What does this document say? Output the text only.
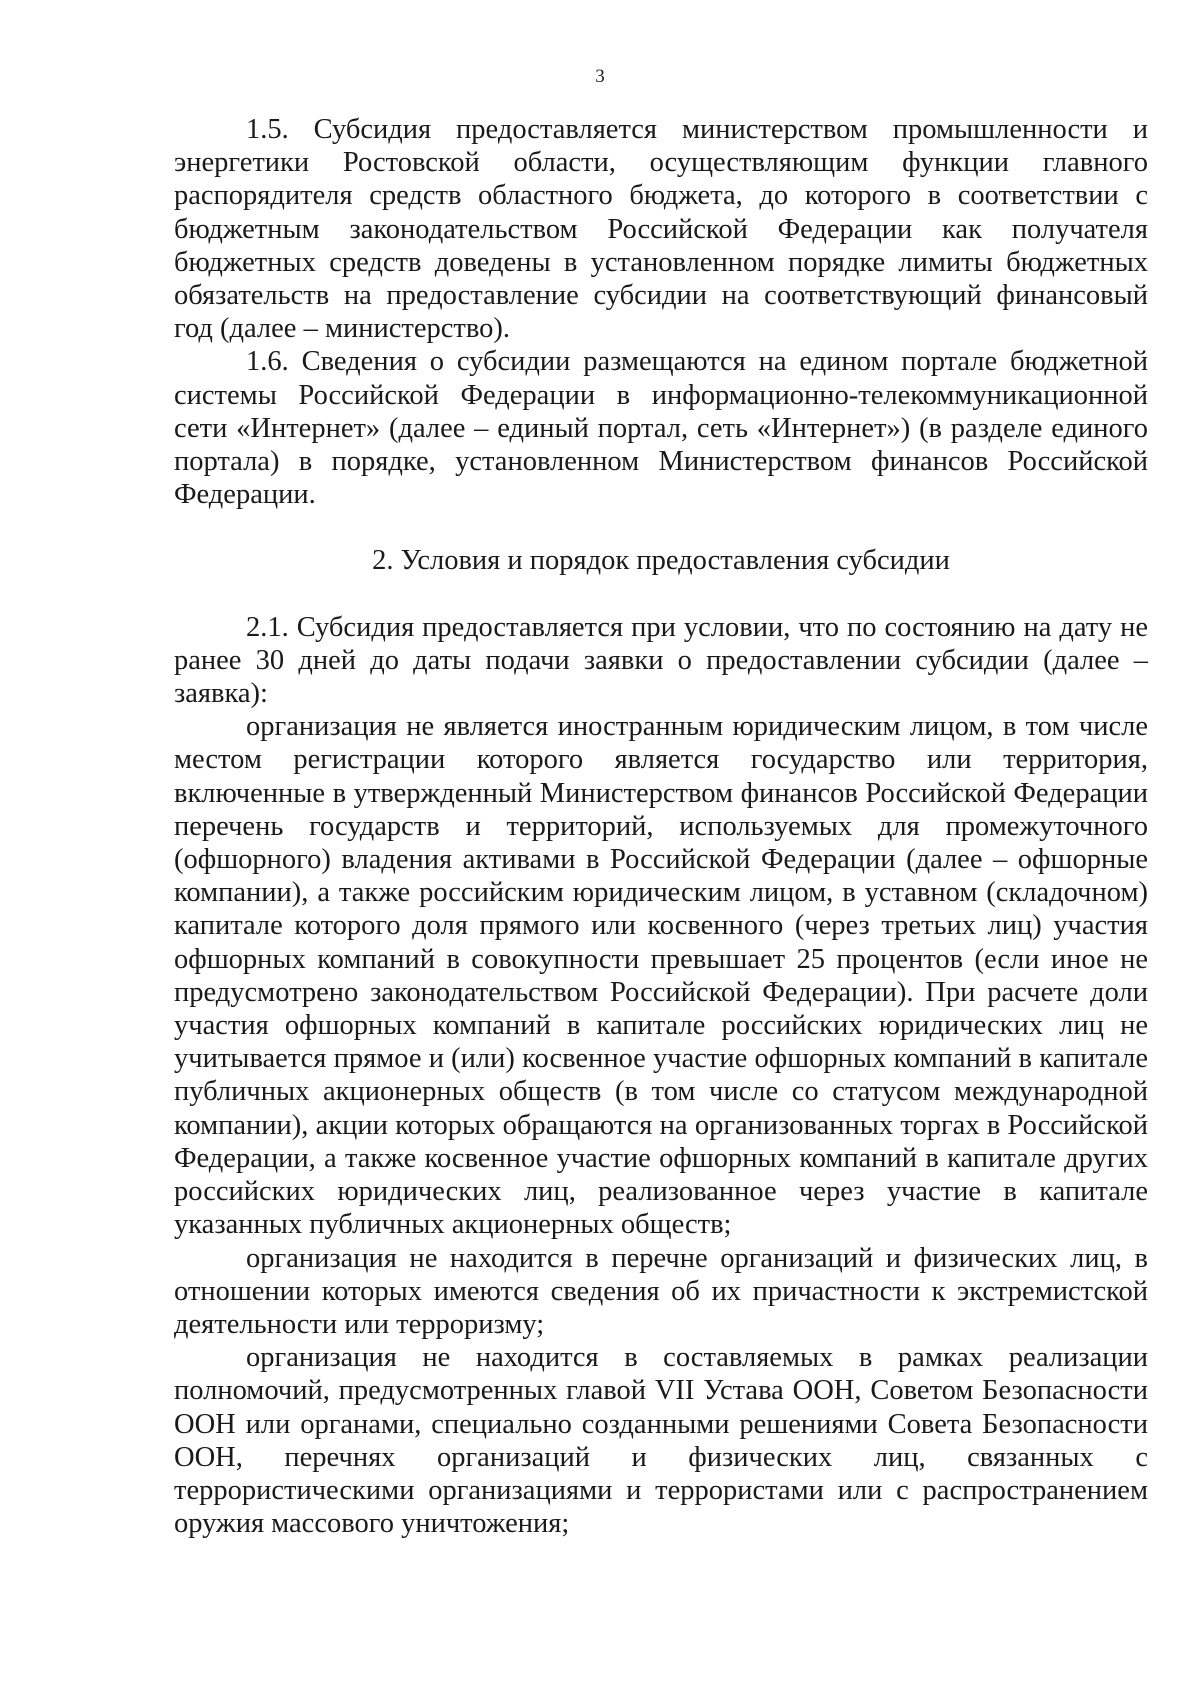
3

1.5. Субсидия предоставляется министерством промышленности и энергетики Ростовской области, осуществляющим функции главного распорядителя средств областного бюджета, до которого в соответствии с бюджетным законодательством Российской Федерации как получателя бюджетных средств доведены в установленном порядке лимиты бюджетных обязательств на предоставление субсидии на соответствующий финансовый год (далее – министерство).

1.6. Сведения о субсидии размещаются на едином портале бюджетной системы Российской Федерации в информационно-телекоммуникационной сети «Интернет» (далее – единый портал, сеть «Интернет») (в разделе единого портала) в порядке, установленном Министерством финансов Российской Федерации.

2. Условия и порядок предоставления субсидии

2.1. Субсидия предоставляется при условии, что по состоянию на дату не ранее 30 дней до даты подачи заявки о предоставлении субсидии (далее – заявка):

организация не является иностранным юридическим лицом, в том числе местом регистрации которого является государство или территория, включенные в утвержденный Министерством финансов Российской Федерации перечень государств и территорий, используемых для промежуточного (офшорного) владения активами в Российской Федерации (далее – офшорные компании), а также российским юридическим лицом, в уставном (складочном) капитале которого доля прямого или косвенного (через третьих лиц) участия офшорных компаний в совокупности превышает 25 процентов (если иное не предусмотрено законодательством Российской Федерации). При расчете доли участия офшорных компаний в капитале российских юридических лиц не учитывается прямое и (или) косвенное участие офшорных компаний в капитале публичных акционерных обществ (в том числе со статусом международной компании), акции которых обращаются на организованных торгах в Российской Федерации, а также косвенное участие офшорных компаний в капитале других российских юридических лиц, реализованное через участие в капитале указанных публичных акционерных обществ;

организация не находится в перечне организаций и физических лиц, в отношении которых имеются сведения об их причастности к экстремистской деятельности или терроризму;

организация не находится в составляемых в рамках реализации полномочий, предусмотренных главой VII Устава ООН, Советом Безопасности ООН или органами, специально созданными решениями Совета Безопасности ООН, перечнях организаций и физических лиц, связанных с террористическими организациями и террористами или с распространением оружия массового уничтожения;
